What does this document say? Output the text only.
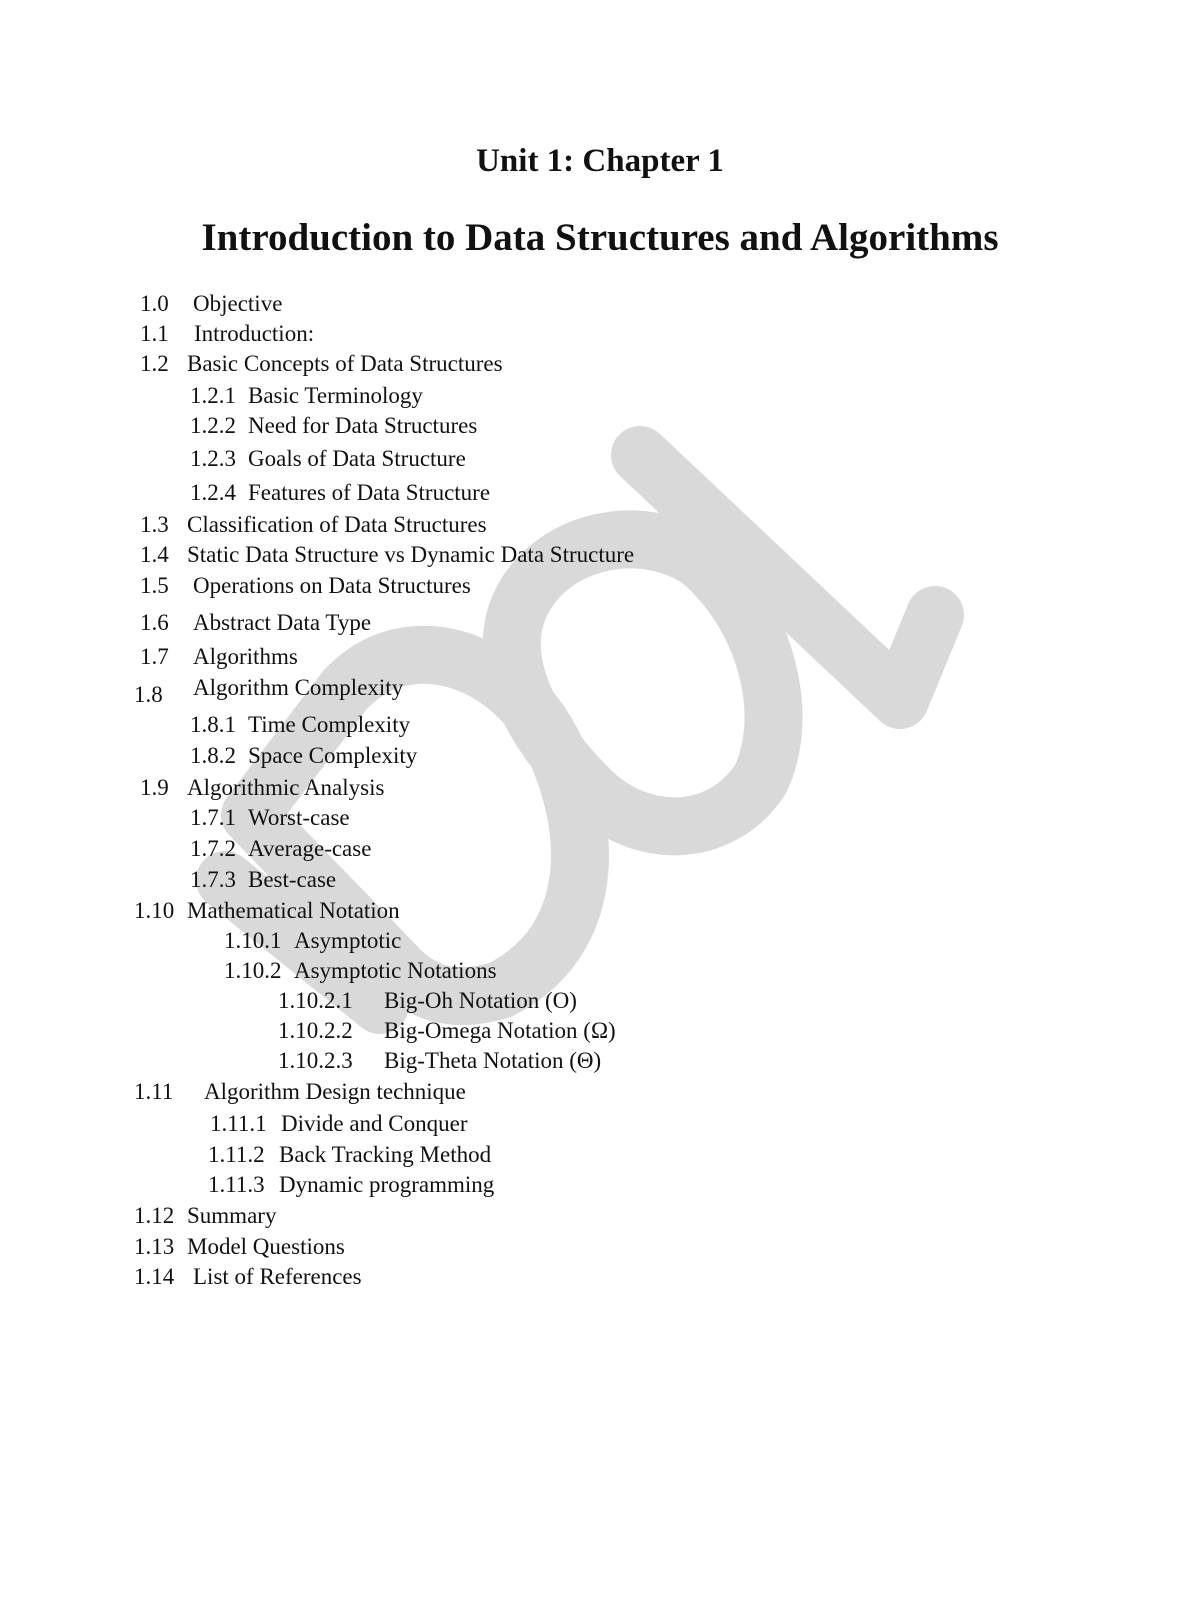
Unit 1: Chapter 1
Introduction to Data Structures and Algorithms
1.0 Objective
1.1 Introduction:
1.2 Basic Concepts of Data Structures
1.2.1 Basic Terminology
1.2.2 Need for Data Structures
1.2.3 Goals of Data Structure
1.2.4 Features of Data Structure
1.3 Classification of Data Structures
1.4 Static Data Structure vs Dynamic Data Structure
1.5 Operations on Data Structures
1.6 Abstract Data Type
1.7 Algorithms
1.8 Algorithm Complexity
1.8.1 Time Complexity
1.8.2 Space Complexity
1.9 Algorithmic Analysis
1.7.1 Worst-case
1.7.2 Average-case
1.7.3 Best-case
1.10 Mathematical Notation
1.10.1 Asymptotic
1.10.2 Asymptotic Notations
1.10.2.1 Big-Oh Notation (O)
1.10.2.2 Big-Omega Notation (Ω)
1.10.2.3 Big-Theta Notation (Θ)
1.11 Algorithm Design technique
1.11.1 Divide and Conquer
1.11.2 Back Tracking Method
1.11.3 Dynamic programming
1.12 Summary
1.13 Model Questions
1.14 List of References
